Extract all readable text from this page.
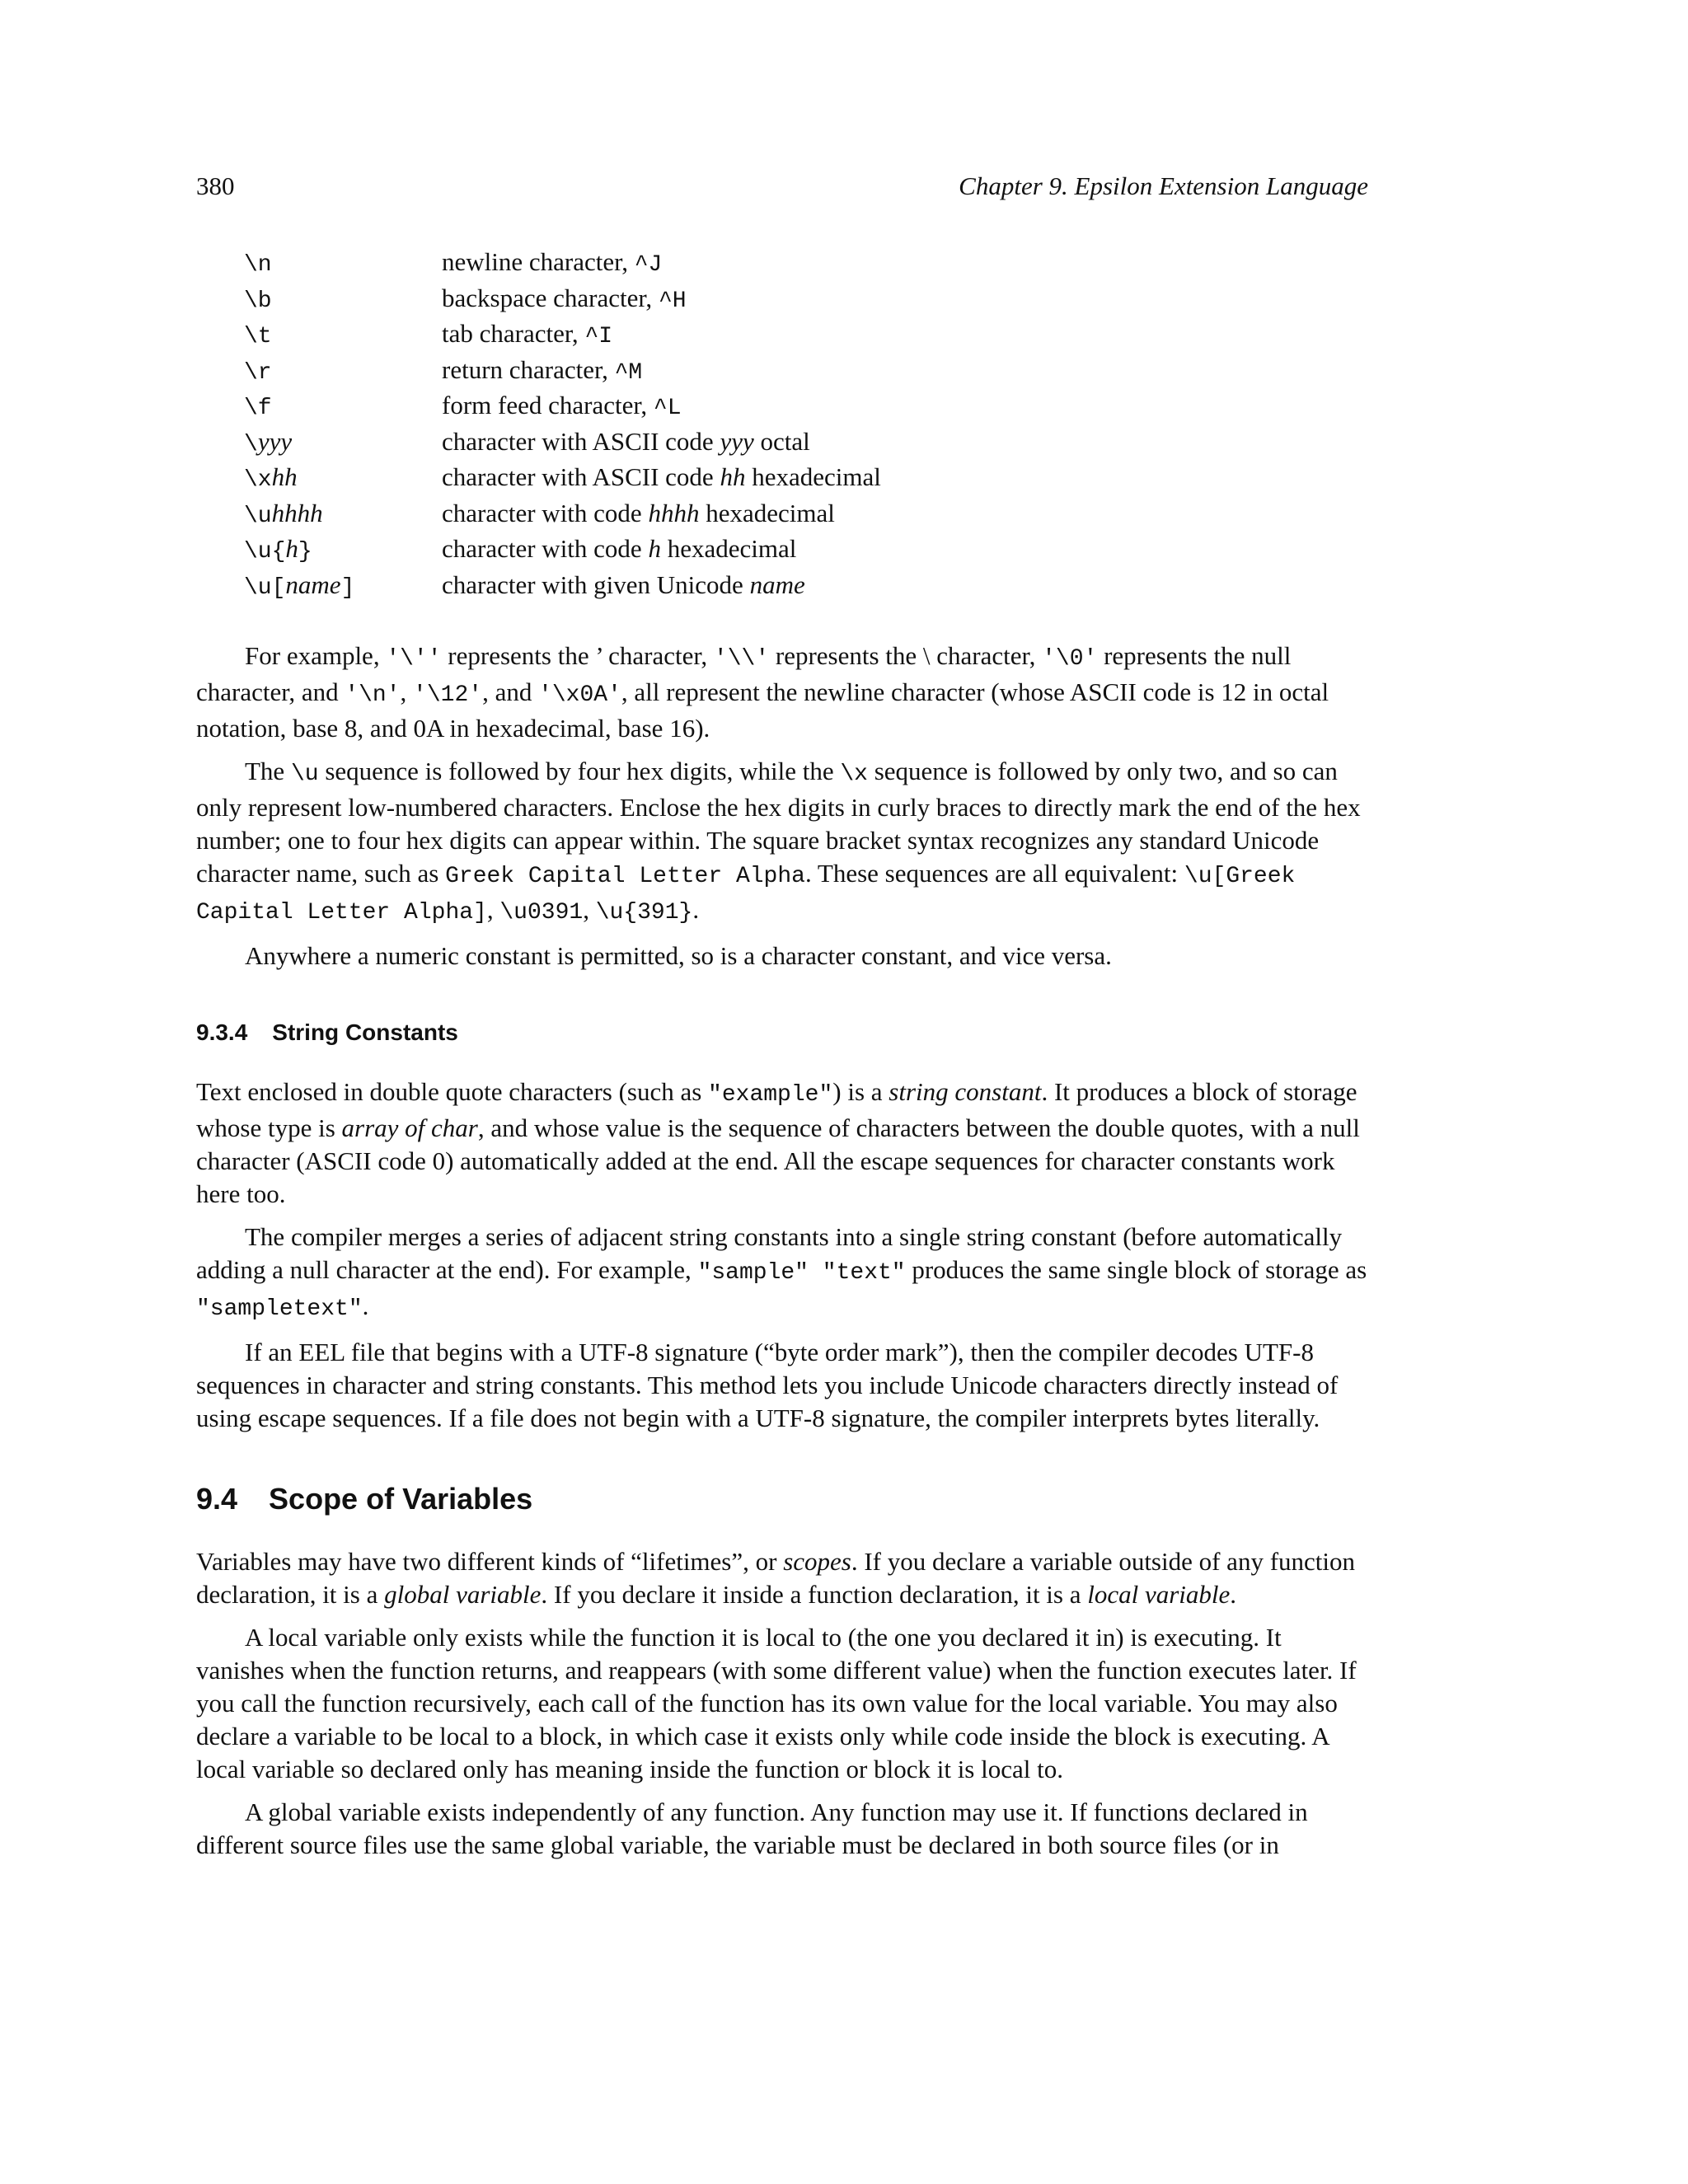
380	Chapter 9. Epsilon Extension Language
\n	newline character, ^J
\b	backspace character, ^H
\t	tab character, ^I
\r	return character, ^M
\f	form feed character, ^L
\yyy	character with ASCII code yyy octal
\xhh	character with ASCII code hh hexadecimal
\uhhhh	character with code hhhh hexadecimal
\u{h}	character with code h hexadecimal
\u[name]	character with given Unicode name

For example, '\'' represents the ’ character, '\\' represents the \ character, '\0' represents the null character, and '\n', '\12', and '\x0A', all represent the newline character (whose ASCII code is 12 in octal notation, base 8, and 0A in hexadecimal, base 16).

The \u sequence is followed by four hex digits, while the \x sequence is followed by only two, and so can only represent low-numbered characters. Enclose the hex digits in curly braces to directly mark the end of the hex number; one to four hex digits can appear within. The square bracket syntax recognizes any standard Unicode character name, such as Greek Capital Letter Alpha. These sequences are all equivalent: \u[Greek Capital Letter Alpha], \u0391, \u{391}.

Anywhere a numeric constant is permitted, so is a character constant, and vice versa.

9.3.4 String Constants

Text enclosed in double quote characters (such as "example") is a string constant. It produces a block of storage whose type is array of char, and whose value is the sequence of characters between the double quotes, with a null character (ASCII code 0) automatically added at the end. All the escape sequences for character constants work here too.

The compiler merges a series of adjacent string constants into a single string constant (before automatically adding a null character at the end). For example, "sample" "text" produces the same single block of storage as "sampletext".

If an EEL file that begins with a UTF-8 signature (“byte order mark”), then the compiler decodes UTF-8 sequences in character and string constants. This method lets you include Unicode characters directly instead of using escape sequences. If a file does not begin with a UTF-8 signature, the compiler interprets bytes literally.

9.4 Scope of Variables

Variables may have two different kinds of “lifetimes”, or scopes. If you declare a variable outside of any function declaration, it is a global variable. If you declare it inside a function declaration, it is a local variable.

A local variable only exists while the function it is local to (the one you declared it in) is executing. It vanishes when the function returns, and reappears (with some different value) when the function executes later. If you call the function recursively, each call of the function has its own value for the local variable. You may also declare a variable to be local to a block, in which case it exists only while code inside the block is executing. A local variable so declared only has meaning inside the function or block it is local to.

A global variable exists independently of any function. Any function may use it. If functions declared in different source files use the same global variable, the variable must be declared in both source files (or in
